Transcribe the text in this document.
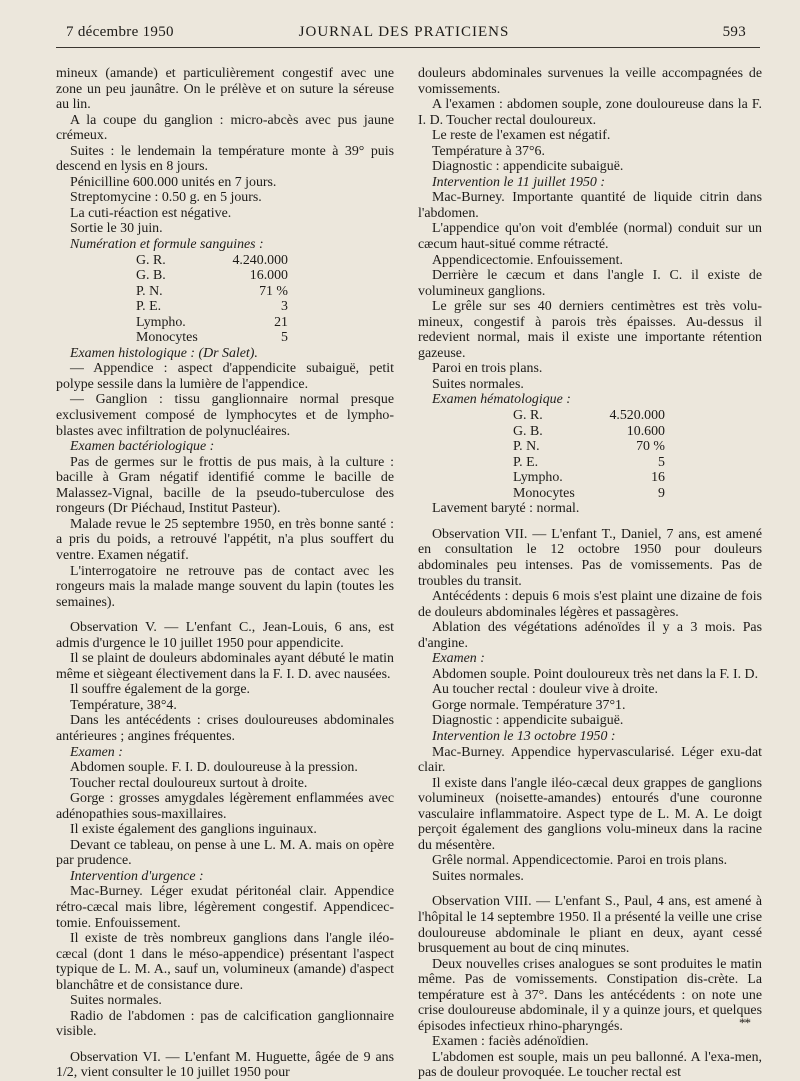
7 décembre 1950	JOURNAL DES PRATICIENS	593

mineux (amande) et particulièrement congestif avec une zone un peu jaunâtre. On le prélève et on suture la séreuse au lin.

A la coupe du ganglion : micro-abcès avec pus jaune crémeux.

Suites : le lendemain la température monte à 39° puis descend en lysis en 8 jours.

Pénicilline 600.000 unités en 7 jours.

Streptomycine : 0.50 g. en 5 jours.

La cuti-réaction est négative.

Sortie le 30 juin.

Numération et formule sanguines :

G. R.	4.240.000
G. B.	16.000
P. N.	71 %
P. E.	3
Lympho.	21
Monocytes	5

Examen histologique : (Dr Salet).

— Appendice : aspect d'appendicite subaiguë, petit polype sessile dans la lumière de l'appendice.

— Ganglion : tissu ganglionnaire normal presque exclusivement composé de lymphocytes et de lympho-blastes avec infiltration de polynucléaires.

Examen bactériologique :

Pas de germes sur le frottis de pus mais, à la culture : bacille à Gram négatif identifié comme le bacille de Malassez-Vignal, bacille de la pseudo-tuberculose des rongeurs (Dr Piéchaud, Institut Pasteur).

Malade revue le 25 septembre 1950, en très bonne santé : a pris du poids, a retrouvé l'appétit, n'a plus souffert du ventre. Examen négatif.

L'interrogatoire ne retrouve pas de contact avec les rongeurs mais la malade mange souvent du lapin (toutes les semaines).

Observation V. — L'enfant C., Jean-Louis, 6 ans, est admis d'urgence le 10 juillet 1950 pour appendicite.

Il se plaint de douleurs abdominales ayant débuté le matin même et siègeant électivement dans la F. I. D. avec nausées.

Il souffre également de la gorge.

Température, 38°4.

Dans les antécédents : crises douloureuses abdominales antérieures ; angines fréquentes.

Examen :

Abdomen souple. F. I. D. douloureuse à la pression.

Toucher rectal douloureux surtout à droite.

Gorge : grosses amygdales légèrement enflammées avec adénopathies sous-maxillaires.

Il existe également des ganglions inguinaux.

Devant ce tableau, on pense à une L. M. A. mais on opère par prudence.

Intervention d'urgence :

Mac-Burney. Léger exudat péritonéal clair. Appendice rétro-cæcal mais libre, légèrement congestif. Appendicec-tomie. Enfouissement.

Il existe de très nombreux ganglions dans l'angle iléo-cæcal (dont 1 dans le méso-appendice) présentant l'aspect typique de L. M. A., sauf un, volumineux (amande) d'aspect blanchâtre et de consistance dure.

Suites normales.

Radio de l'abdomen : pas de calcification ganglionnaire visible.

Observation VI. — L'enfant M. Huguette, âgée de 9 ans 1/2, vient consulter le 10 juillet 1950 pour

douleurs abdominales survenues la veille accompagnées de vomissements.

A l'examen : abdomen souple, zone douloureuse dans la F. I. D. Toucher rectal douloureux.

Le reste de l'examen est négatif.

Température à 37°6.

Diagnostic : appendicite subaiguë.

Intervention le 11 juillet 1950 :

Mac-Burney. Importante quantité de liquide citrin dans l'abdomen.

L'appendice qu'on voit d'emblée (normal) conduit sur un cæcum haut-situé comme rétracté.

Appendicectomie. Enfouissement.

Derrière le cæcum et dans l'angle I. C. il existe de volumineux ganglions.

Le grêle sur ses 40 derniers centimètres est très volu-mineux, congestif à parois très épaisses. Au-dessus il redevient normal, mais il existe une importante rétention gazeuse.

Paroi en trois plans.

Suites normales.

Examen hématologique :

G. R.	4.520.000
G. B.	10.600
P. N.	70 %
P. E.	5
Lympho.	16
Monocytes	9

Lavement baryté : normal.

Observation VII. — L'enfant T., Daniel, 7 ans, est amené en consultation le 12 octobre 1950 pour douleurs abdominales peu intenses. Pas de vomissements. Pas de troubles du transit.

Antécédents : depuis 6 mois s'est plaint une dizaine de fois de douleurs abdominales légères et passagères.

Ablation des végétations adénoïdes il y a 3 mois. Pas d'angine.

Examen :

Abdomen souple. Point douloureux très net dans la F. I. D.

Au toucher rectal : douleur vive à droite.

Gorge normale. Température 37°1.

Diagnostic : appendicite subaiguë.

Intervention le 13 octobre 1950 :

Mac-Burney. Appendice hypervascularisé. Léger exu-dat clair.

Il existe dans l'angle iléo-cæcal deux grappes de ganglions volumineux (noisette-amandes) entourés d'une couronne vasculaire inflammatoire. Aspect type de L. M. A. Le doigt perçoit également des ganglions volu-mineux dans la racine du mésentère.

Grêle normal. Appendicectomie. Paroi en trois plans.

Suites normales.

Observation VIII. — L'enfant S., Paul, 4 ans, est amené à l'hôpital le 14 septembre 1950. Il a présenté la veille une crise douloureuse abdominale le pliant en deux, ayant cessé brusquement au bout de cinq minutes.

Deux nouvelles crises analogues se sont produites le matin même. Pas de vomissements. Constipation dis-crète. La température est à 37°. Dans les antécédents : on note une crise douloureuse abdominale, il y a quinze jours, et quelques épisodes infectieux rhino-pharyngés.

Examen : faciès adénoïdien.

L'abdomen est souple, mais un peu ballonné. A l'exa-men, pas de douleur provoquée. Le toucher rectal est

**
